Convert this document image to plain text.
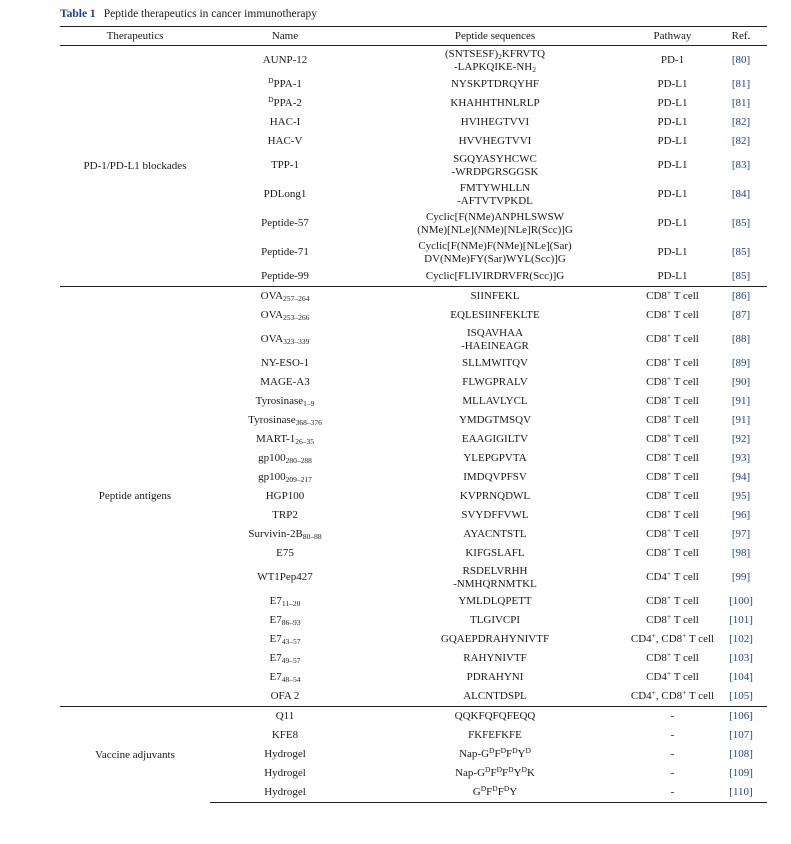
Table 1 Peptide therapeutics in cancer immunotherapy
Therapeutics	Name	Peptide sequences	Pathway	Ref.
PD-1/PD-L1 blockades	AUNP-12	$(SNTSESF)_2KFRVTQ$
$-LAPKQIKE-NH_2$	PD-1	[80]
	$^D$PPA-1	NYSKPTDRQYHF	PD-L1	[81]
	$^D$PPA-2	KHAHHTHNLRLP	PD-L1	[81]
	HAC-I	HVIHEGTVVI	PD-L1	[82]
	HAC-V	HVVHEGTVVI	PD-L1	[82]
	TPP-1	SGQYASYHCWC
-WRDPGRSGGSK	PD-L1	[83]
	PDLong1	FMTYWHLLN
-AFTVTVPKDL	PD-L1	[84]
	Peptide-57	Cyclic[F(NMe)ANPHLSWSW
(NMe)[NLe](NMe)[NLe]R(Scc)]G	PD-L1	[85]
	Peptide-71	Cyclic[F(NMe)F(NMe)[NLe](Sar)
DV(NMe)FY(Sar)WYL(Scc)]G	PD-L1	[85]
	Peptide-99	Cyclic[FLIVIRDRVFR(Scc)]G	PD-L1	[85]
Peptide antigens	$OVA_{257-264}$	SIINFEKL	CD8+ T cell	[86]
	$OVA_{253-266}$	EQLESIINFEKLTE	CD8+ T cell	[87]
	$OVA_{323-339}$	ISQAVHAA
-HAEINEAGR	CD8+ T cell	[88]
	NY-ESO-1	SLLMWITQV	CD8+ T cell	[89]
	MAGE-A3	FLWGPRALV	CD8+ T cell	[90]
	Tyrosinase$_{1-9}$	MLLAVLYCL	CD8+ T cell	[91]
	Tyrosinase$_{368-376}$	YMDGTMSQV	CD8+ T cell	[91]
	MART-$1_{26-35}$	EAAGIGILTV	CD8+ T cell	[92]
	$gp100_{280-288}$	YLEPGPVTA	CD8+ T cell	[93]
	$gp100_{209-217}$	IMDQVPFSV	CD8+ T cell	[94]
	HGP100	KVPRNQDWL	CD8+ T cell	[95]
	TRP2	SVYDFFVWL	CD8+ T cell	[96]
	Survivin-$2B_{80-88}$	AYACNTSTL	CD8+ T cell	[97]
	E75	KIFGSLAFL	CD8+ T cell	[98]
	WT1Pep427	RSDELVRHH
-NMHQRNMTKL	CD4+ T cell	[99]
	$E7_{11-20}$	YMLDLQPETT	CD8+ T cell	[100]
	$E7_{86-93}$	TLGIVCPI	CD8+ T cell	[101]
	$E7_{43-57}$	GQAEPDRAHYNIVTF	CD4+, CD8+ T cell	[102]
	$E7_{49-57}$	RAHYNIVTF	CD8+ T cell	[103]
	$E7_{48-54}$	PDRAHYNI	CD4+ T cell	[104]
	OFA 2	ALCNTDSPL	CD4+, CD8+ T cell	[105]
Vaccine adjuvants	Q11	QQKFQFQFEQQ	-	[106]
	KFE8	FKFEFKFE	-	[107]
	Hydrogel	Nap-$G^DF^DF^DY^D$	-	[108]
	Hydrogel	Nap-$G^DF^DF^DY^DK$	-	[109]
	Hydrogel	$G^DF^DF^DY$	-	[110]
